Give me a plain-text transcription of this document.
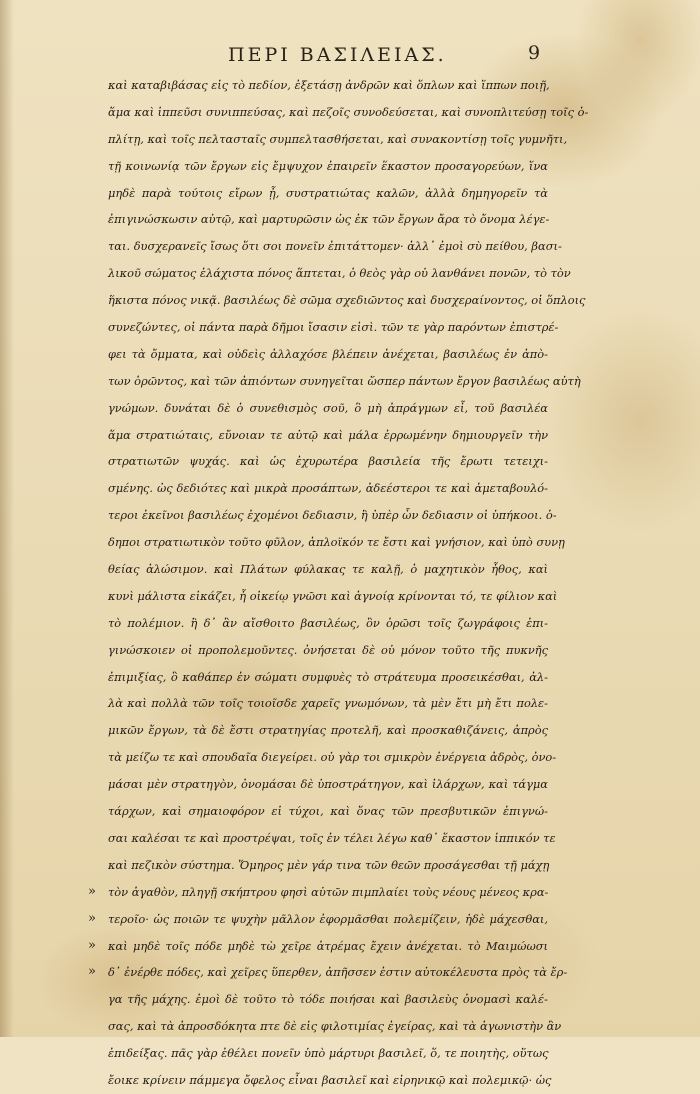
ΠΕΡΙ ΒΑΣΙΛΕΙΑΣ.	9
καὶ καταβιβάσας εἰς τὸ πεδίον, ἐξετάσῃ ἀνδρῶν καὶ ὅπλων καὶ ἵππων ποιῇ,
ἅμα καὶ ἱππεῦσι συνιππεύσας, καὶ πεζοῖς συνοδεύσεται, καὶ συνοπλιτεύσῃ τοῖς ὁ-
πλίτῃ, καὶ τοῖς πελτασταῖς συμπελτασθήσεται, καὶ συνακοντίσῃ τοῖς γυμνῆτι,
τῇ κοινωνίᾳ τῶν ἔργων εἰς ἔμψυχον ἐπαιρεῖν ἕκαστον προσαγορεύων, ἵνα
μηδὲ παρὰ τούτοις εἴρων ᾖ, συστρατιώτας καλῶν, ἀλλὰ δημηγορεῖν τὰ
ἐπιγινώσκωσιν αὐτῷ, καὶ μαρτυρῶσιν ὡς ἐκ τῶν ἔργων ἄρα τὸ ὄνομα λέγε-
ται. δυσχερανεῖς ἴσως ὅτι σοι πονεῖν ἐπιτάττομεν· ἀλλ᾽ ἐμοὶ σὺ πείθου, βασι-
λικοῦ σώματος ἐλάχιστα πόνος ἅπτεται, ὁ θεὸς γὰρ οὐ λανθάνει πονῶν, τὸ τὸν
ἥκιστα πόνος νικᾷ. βασιλέως δὲ σῶμα σχεδιῶντος καὶ δυσχεραίνοντος, οἱ ὅπλοις
συνεζώντες, οἱ πάντα παρὰ δῆμοι ἴσασιν εἰσὶ. τῶν τε γὰρ παρόντων ἐπιστρέ-
φει τὰ ὄμματα, καὶ οὐδεὶς ἀλλαχόσε βλέπειν ἀνέχεται, βασιλέως ἐν ἀπὸ-
των ὁρῶντος, καὶ τῶν ἀπιόντων συνηγεῖται ὥσπερ πάντων ἔργον βασιλέως αὐτὴ
γνώμων. δυνάται δὲ ὁ συνεθισμὸς σοῦ, ὃ μὴ ἀπράγμων εἶ, τοῦ βασιλέα
ἅμα στρατιώταις, εὔνοιαν τε αὐτῷ καὶ μάλα ἐρρωμένην δημιουργεῖν τὴν
στρατιωτῶν ψυχάς. καὶ ὡς ἐχυρωτέρα βασιλεία τῆς ἔρωτι τετειχι-
σμένης. ὡς δεδιότες καὶ μικρὰ προσάπτων, ἀδεέστεροι τε καὶ ἀμεταβουλό-
τεροι ἐκεῖνοι βασιλέως ἐχομένοι δεδιασιν, ἢ ὑπὲρ ὧν δεδιασιν οἱ ὑπήκοοι. ὁ-
δηποι στρατιωτικὸν τοῦτο φῦλον, ἁπλοϊκόν τε ἔστι καὶ γνήσιον, καὶ ὑπὸ συνῃ
θείας ἁλώσιμον. καὶ Πλάτων φύλακας τε καλῇ, ὁ μαχητικὸν ἦθος, καὶ
κυνὶ μάλιστα εἰκάζει, ἧ οἰκείῳ γνῶσι καὶ ἀγνοίᾳ κρίνονται τό, τε φίλιον καὶ
τὸ πολέμιον. ἢ δ᾽ ἂν αἴσθοιτο βασιλέως, ὃν ὁρῶσι τοῖς ζωγράφοις ἐπι-
γινώσκοιεν οἱ προπολεμοῦντες. ὀνήσεται δὲ οὐ μόνον τοῦτο τῆς πυκνῆς
ἐπιμιξίας, ὃ καθάπερ ἐν σώματι συμφυὲς τὸ στράτευμα προσεικέσθαι, ἀλ-
λὰ καὶ πολλὰ τῶν τοῖς τοιοῖσδε χαρεῖς γνωμόνων, τὰ μὲν ἔτι μὴ ἔτι πολε-
μικῶν ἔργων, τὰ δὲ ἔστι στρατηγίας προτελῆ, καὶ προσκαθιζάνεις, ἀπρὸς
τὰ μείζω τε καὶ σπουδαῖα διεγείρει. οὐ γὰρ τοι σμικρὸν ἐνέργεια ἀδρὸς, ὀνο-
μάσαι μὲν στρατηγὸν, ὀνομάσαι δὲ ὑποστράτηγον, καὶ ἰλάρχων, καὶ τάγμα
τάρχων, καὶ σημαιοφόρον εἰ τύχοι, καὶ ὅνας τῶν πρεσβυτικῶν ἐπιγνώ-
σαι καλέσαι τε καὶ προστρέψαι, τοῖς ἐν τέλει λέγω καθ᾽ ἕκαστον ἱππικόν τε
καὶ πεζικὸν σύστημα. Ὅμηρος μὲν γάρ τινα τῶν θεῶν προσάγεσθαι τῇ μάχῃ
» τὸν ἀγαθὸν, πληγῇ σκήπτρου φησὶ αὐτῶν πιμπλαίει τοὺς νέους μένεος κρα-
» τεροῖο· ὡς ποιῶν τε ψυχὴν μᾶλλον ἐφορμᾶσθαι πολεμίζειν, ἠδὲ μάχεσθαι,
» καὶ μηδὲ τοῖς πόδε μηδὲ τὼ χεῖρε ἀτρέμας ἔχειν ἀνέχεται. τὸ Μαιμώωσι
» δ᾽ ἐνέρθε πόδες, καὶ χεῖρες ὕπερθεν, ἀπῆσσεν ἐστιν αὐτοκέλευστα πρὸς τὰ ἔρ-
γα τῆς μάχης. ἐμοὶ δὲ τοῦτο τὸ τόδε ποιήσαι καὶ βασιλεὺς ὀνομασὶ καλέ-
σας, καὶ τὰ ἀπροσδόκητα πτε δὲ εἰς φιλοτιμίας ἐγείρας, καὶ τὰ ἀγωνιστὴν ἂν
ἐπιδείξας. πᾶς γὰρ ἐθέλει πονεῖν ὑπὸ μάρτυρι βασιλεῖ, ὅ, τε ποιητὴς, οὕτως
ἔοικε κρίνειν πάμμεγα ὄφελος εἶναι βασιλεῖ καὶ εἰρηνικῷ καὶ πολεμικῷ· ὡς
